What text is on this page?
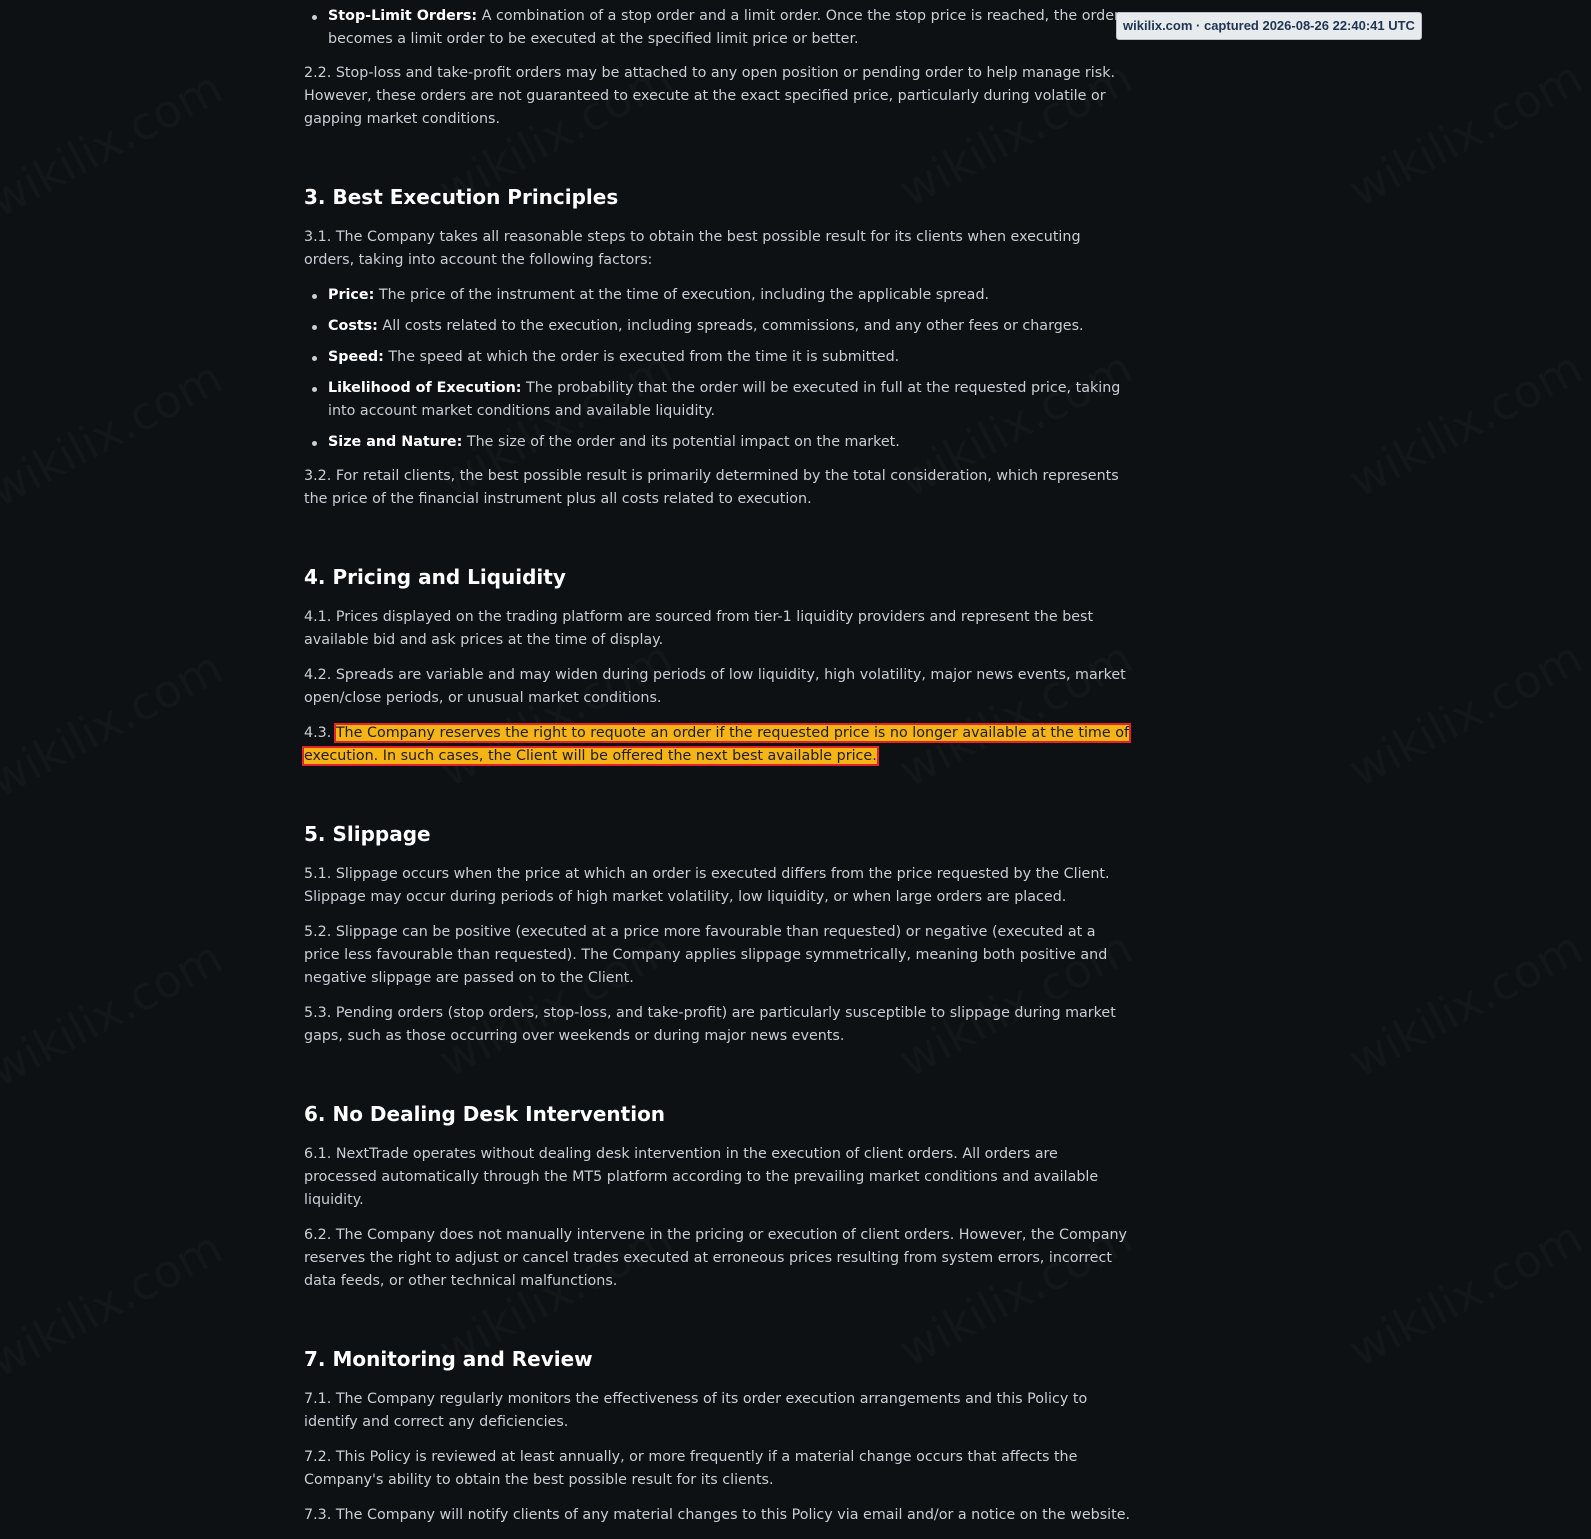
wikilix.com · captured 2026-08-26 22:40:41 UTC
Stop-Limit Orders: A combination of a stop order and a limit order. Once the stop price is reached, the order becomes a limit order to be executed at the specified limit price or better.

2.2. Stop-loss and take-profit orders may be attached to any open position or pending order to help manage risk. However, these orders are not guaranteed to execute at the exact specified price, particularly during volatile or gapping market conditions.

3. Best Execution Principles

3.1. The Company takes all reasonable steps to obtain the best possible result for its clients when executing orders, taking into account the following factors:

Price: The price of the instrument at the time of execution, including the applicable spread.
Costs: All costs related to the execution, including spreads, commissions, and any other fees or charges.
Speed: The speed at which the order is executed from the time it is submitted.
Likelihood of Execution: The probability that the order will be executed in full at the requested price, taking into account market conditions and available liquidity.
Size and Nature: The size of the order and its potential impact on the market.

3.2. For retail clients, the best possible result is primarily determined by the total consideration, which represents the price of the financial instrument plus all costs related to execution.

4. Pricing and Liquidity

4.1. Prices displayed on the trading platform are sourced from tier-1 liquidity providers and represent the best available bid and ask prices at the time of display.

4.2. Spreads are variable and may widen during periods of low liquidity, high volatility, major news events, market open/close periods, or unusual market conditions.

4.3. The Company reserves the right to requote an order if the requested price is no longer available at the time of execution. In such cases, the Client will be offered the next best available price.

5. Slippage

5.1. Slippage occurs when the price at which an order is executed differs from the price requested by the Client. Slippage may occur during periods of high market volatility, low liquidity, or when large orders are placed.

5.2. Slippage can be positive (executed at a price more favourable than requested) or negative (executed at a price less favourable than requested). The Company applies slippage symmetrically, meaning both positive and negative slippage are passed on to the Client.

5.3. Pending orders (stop orders, stop-loss, and take-profit) are particularly susceptible to slippage during market gaps, such as those occurring over weekends or during major news events.

6. No Dealing Desk Intervention

6.1. NextTrade operates without dealing desk intervention in the execution of client orders. All orders are processed automatically through the MT5 platform according to the prevailing market conditions and available liquidity.

6.2. The Company does not manually intervene in the pricing or execution of client orders. However, the Company reserves the right to adjust or cancel trades executed at erroneous prices resulting from system errors, incorrect data feeds, or other technical malfunctions.

7. Monitoring and Review

7.1. The Company regularly monitors the effectiveness of its order execution arrangements and this Policy to identify and correct any deficiencies.

7.2. This Policy is reviewed at least annually, or more frequently if a material change occurs that affects the Company's ability to obtain the best possible result for its clients.

7.3. The Company will notify clients of any material changes to this Policy via email and/or a notice on the website.
